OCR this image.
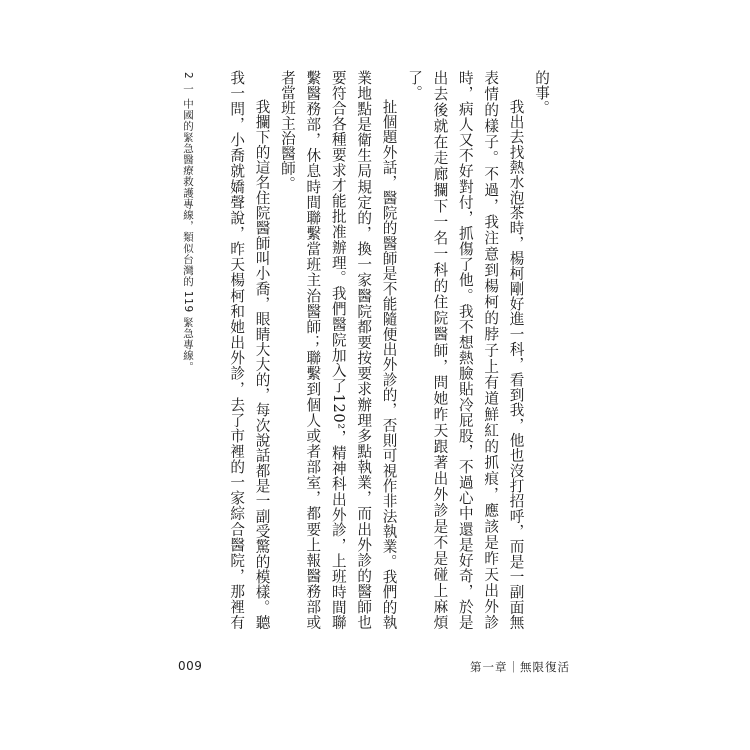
的事。

我出去找熱水泡茶時，楊柯剛好進一科，看到我，他也沒打招呼，而是一副面無表情的樣子。不過，我注意到楊柯的脖子上有道鮮紅的抓痕，應該是昨天出外診時，病人又不好對付，抓傷了他。我不想熱臉貼冷屁股，不過心中還是好奇，於是出去後就在走廊攔下一名一科的住院醫師，問她昨天跟著出外診是不是碰上麻煩了。

扯個題外話，醫院的醫師是不能隨便出外診的，否則可視作非法執業。我們的執業地點是衛生局規定的，換一家醫院都要按要求辦理多點執業，而出外診的醫師也要符合各種要求才能批准辦理。我們醫院加入了120²，精神科出外診，上班時間聯繫醫務部，休息時間聯繫當班主治醫師；聯繫到個人或者部室，都要上報醫務部或者當班主治醫師。

我攔下的這名住院醫師叫小喬，眼睛大大的，每次說話都是一副受驚的模樣。聽我一問，小喬就嬌聲說，昨天楊柯和她出外診，去了市裡的一家綜合醫院，那裡有

2 一 中國的緊急醫療救護專線，類似台灣的 119 緊急專線。
009	第一章｜無限復活
